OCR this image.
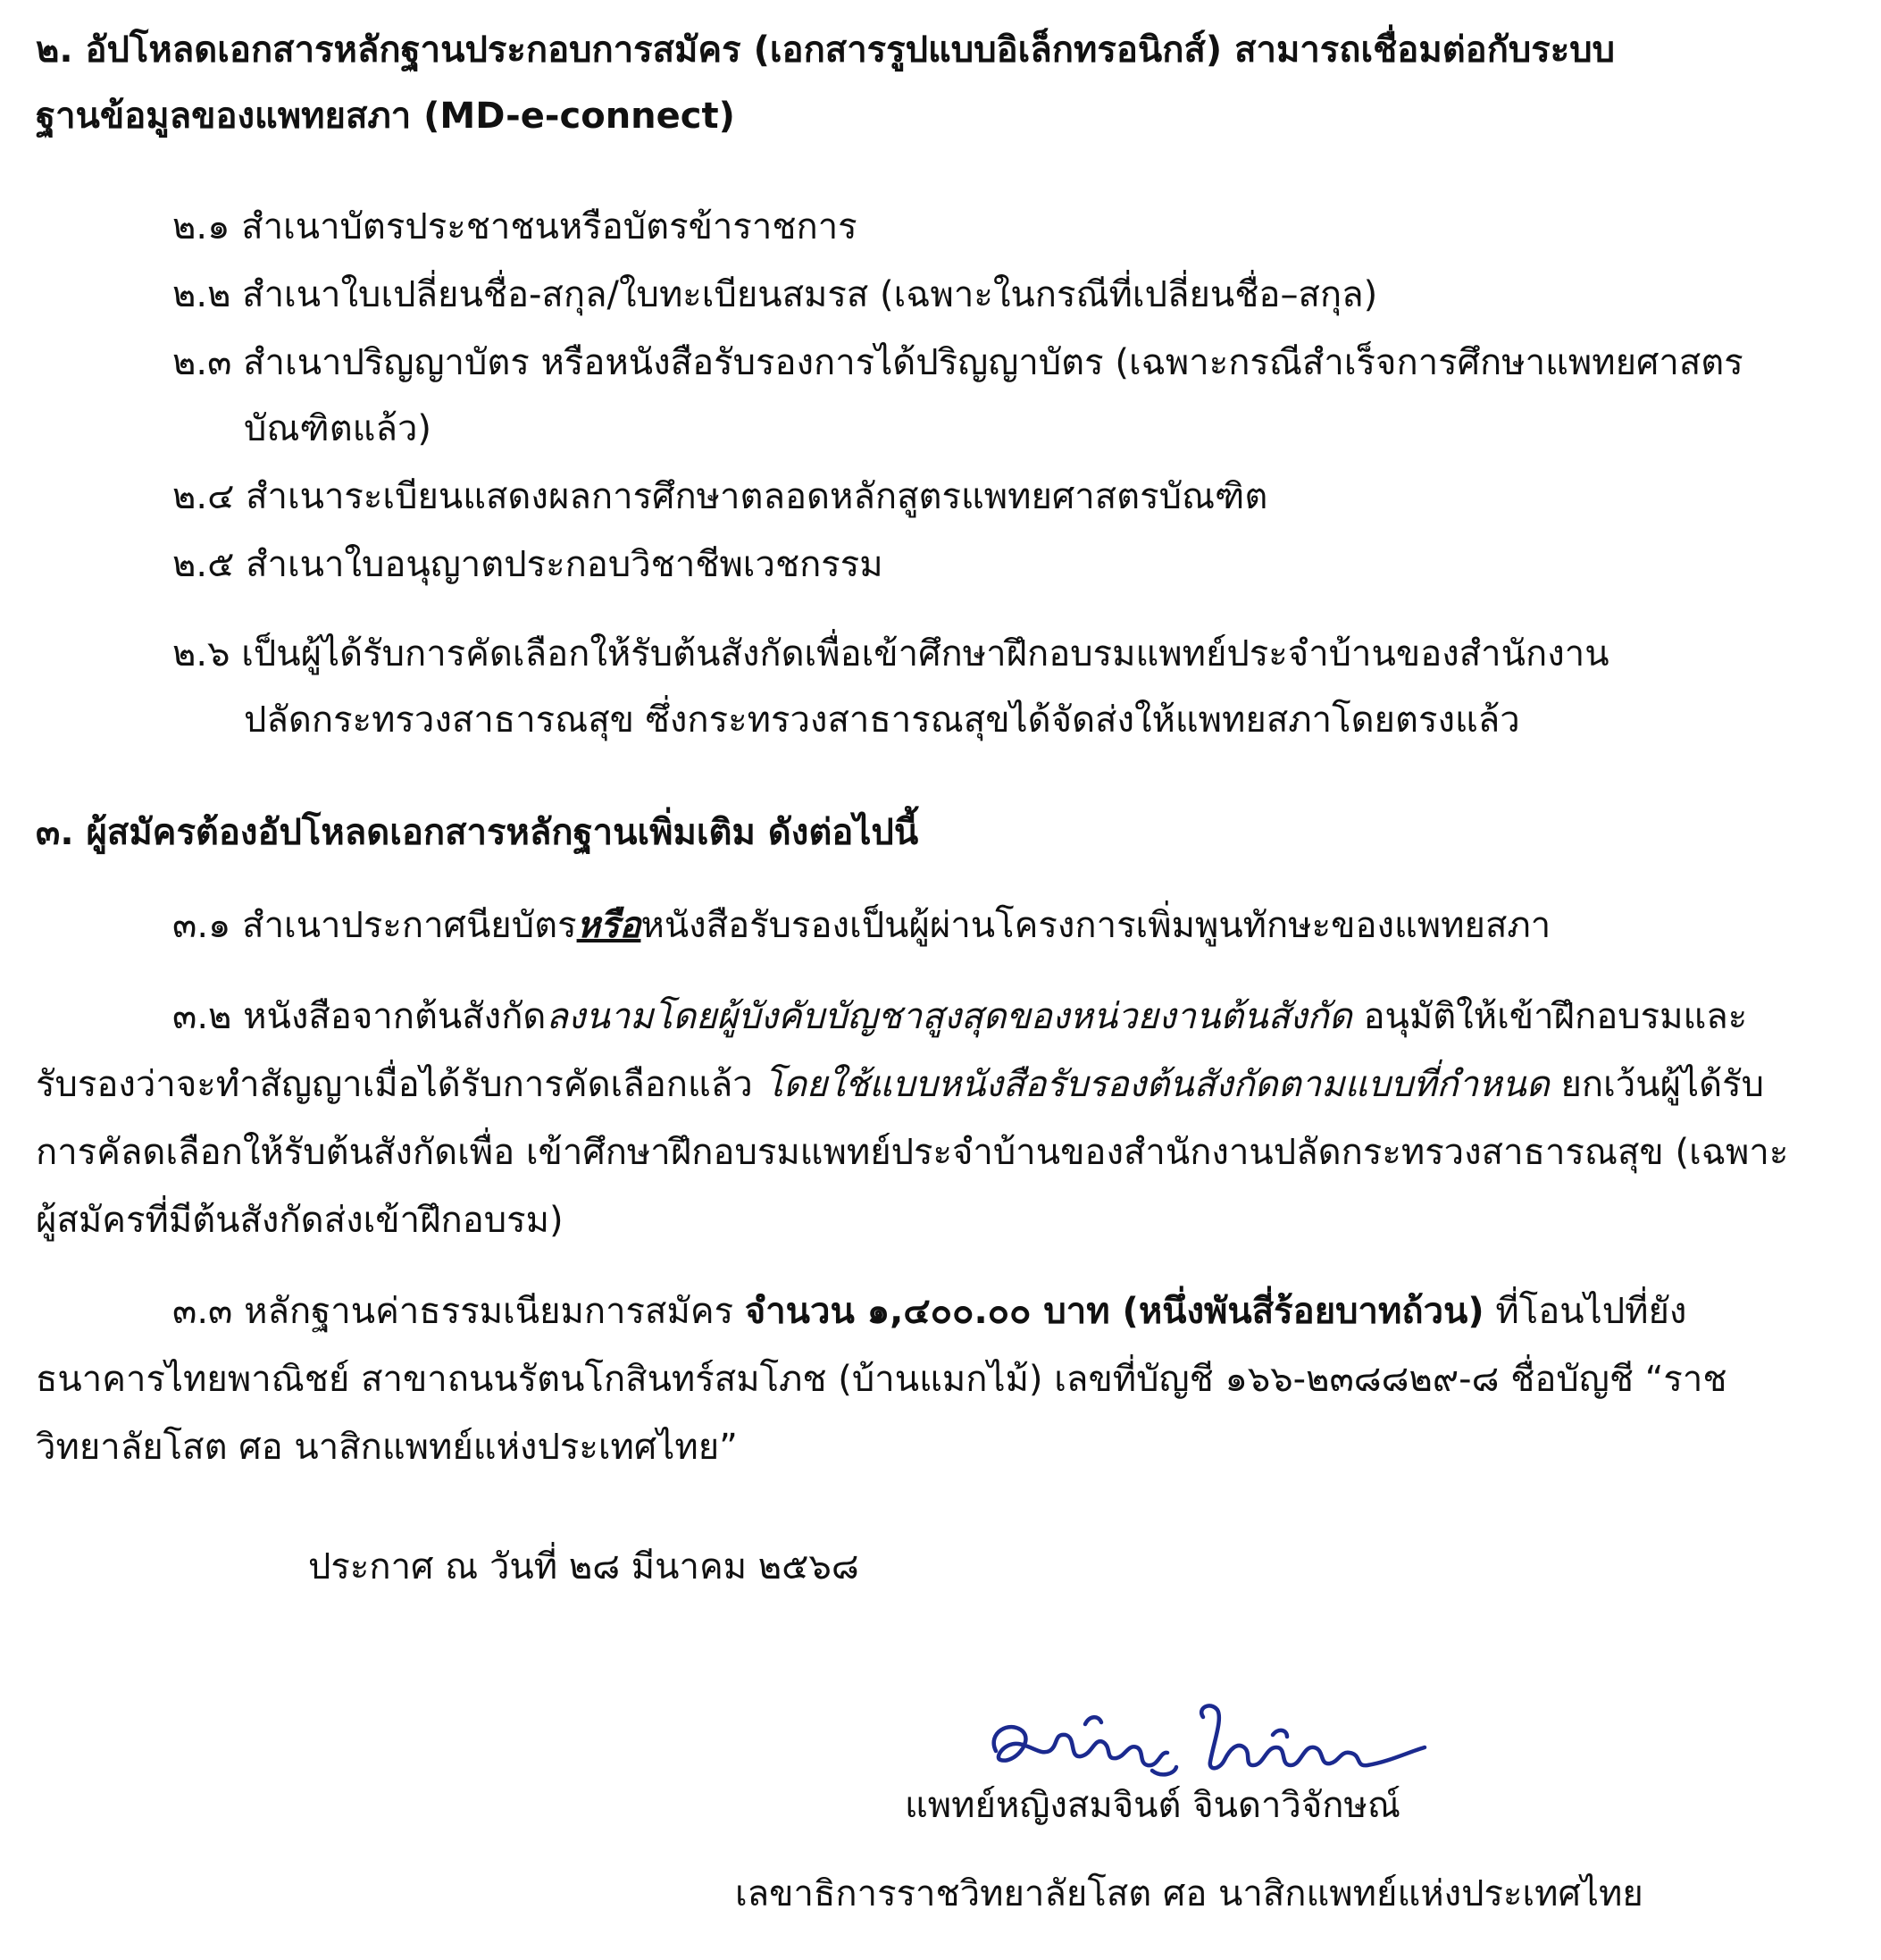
๒. อัปโหลดเอกสารหลักฐานประกอบการสมัคร (เอกสารรูปแบบอิเล็กทรอนิกส์) สามารถเชื่อมต่อกับระบบ
ฐานข้อมูลของแพทยสภา (MD-e-connect)
๒.๑ สำเนาบัตรประชาชนหรือบัตรข้าราชการ
๒.๒ สำเนาใบเปลี่ยนชื่อ-สกุล/ใบทะเบียนสมรส (เฉพาะในกรณีที่เปลี่ยนชื่อ–สกุล)
๒.๓ สำเนาปริญญาบัตร หรือหนังสือรับรองการได้ปริญญาบัตร (เฉพาะกรณีสำเร็จการศึกษาแพทยศาสตร
บัณฑิตแล้ว)
๒.๔ สำเนาระเบียนแสดงผลการศึกษาตลอดหลักสูตรแพทยศาสตรบัณฑิต
๒.๕ สำเนาใบอนุญาตประกอบวิชาชีพเวชกรรม
๒.๖ เป็นผู้ได้รับการคัดเลือกให้รับต้นสังกัดเพื่อเข้าศึกษาฝึกอบรมแพทย์ประจำบ้านของสำนักงาน
ปลัดกระทรวงสาธารณสุข ซึ่งกระทรวงสาธารณสุขได้จัดส่งให้แพทยสภาโดยตรงแล้ว
๓. ผู้สมัครต้องอัปโหลดเอกสารหลักฐานเพิ่มเติม ดังต่อไปนี้
๓.๑ สำเนาประกาศนียบัตรหรือหนังสือรับรองเป็นผู้ผ่านโครงการเพิ่มพูนทักษะของแพทยสภา
๓.๒ หนังสือจากต้นสังกัดลงนามโดยผู้บังคับบัญชาสูงสุดของหน่วยงานต้นสังกัด อนุมัติให้เข้าฝึกอบรมและ
รับรองว่าจะทำสัญญาเมื่อได้รับการคัดเลือกแล้ว โดยใช้แบบหนังสือรับรองต้นสังกัดตามแบบที่กำหนด ยกเว้นผู้ได้รับ
การคัลดเลือกให้รับต้นสังกัดเพื่อ เข้าศึกษาฝึกอบรมแพทย์ประจำบ้านของสำนักงานปลัดกระทรวงสาธารณสุข (เฉพาะ
ผู้สมัครที่มีต้นสังกัดส่งเข้าฝึกอบรม)
๓.๓ หลักฐานค่าธรรมเนียมการสมัคร จำนวน ๑,๔๐๐.๐๐ บาท (หนึ่งพันสี่ร้อยบาทถ้วน) ที่โอนไปที่ยัง
ธนาคารไทยพาณิชย์ สาขาถนนรัตนโกสินทร์สมโภช (บ้านแมกไม้) เลขที่บัญชี ๑๖๖-๒๓๘๘๒๙-๘ ชื่อบัญชี “ราช
วิทยาลัยโสต ศอ นาสิกแพทย์แห่งประเทศไทย”
ประกาศ ณ วันที่ ๒๘ มีนาคม ๒๕๖๘
แพทย์หญิงสมจินต์ จินดาวิจักษณ์
เลขาธิการราชวิทยาลัยโสต ศอ นาสิกแพทย์แห่งประเทศไทย
